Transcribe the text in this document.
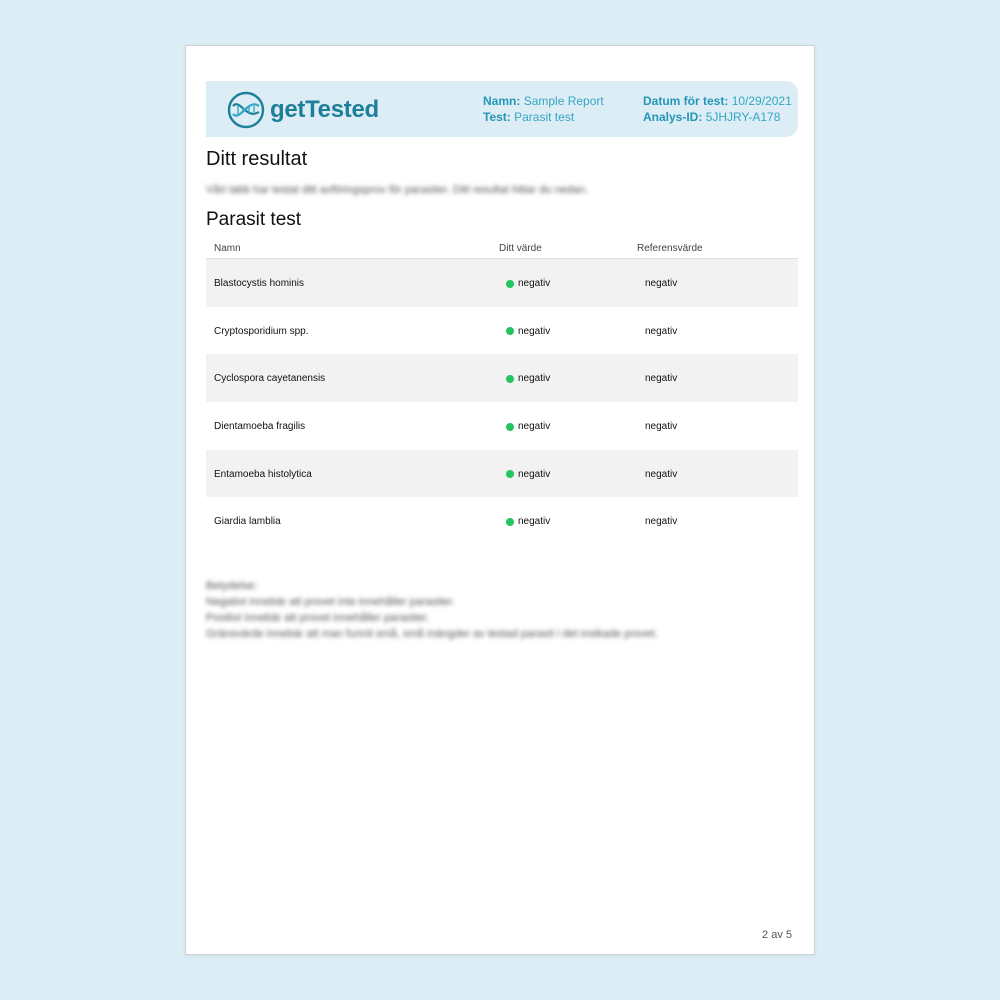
getTested	Namn: Sample Report
Test: Parasit test
Datum för test: 10/29/2021
Analys-ID: 5JHJRY-A178
Ditt resultat
Vårt labb har testat ditt avföringsprov för parasiter. Ditt resultat hittar du nedan.
Parasit test
Namn	Ditt värde	Referensvärde
Blastocystis hominis	negativ	negativ
Cryptosporidium spp.	negativ	negativ
Cyclospora cayetanensis	negativ	negativ
Dientamoeba fragilis	negativ	negativ
Entamoeba histolytica	negativ	negativ
Giardia lamblia	negativ	negativ
Betydelse:
Negativt innebär att provet inte innehåller parasiter.
Positivt innebär att provet innehåller parasiter.
Gränsvärde innebär att man funnit små, små mängder av testad parasit i det insikade provet.
2 av 5
